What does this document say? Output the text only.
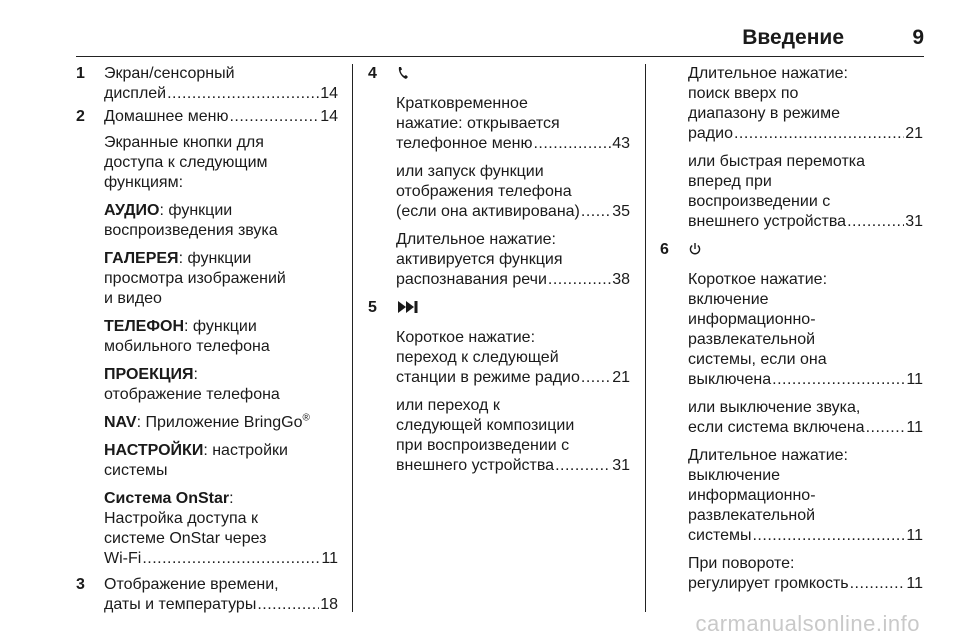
Введение	9
1	Экран/сенсорный
дисплей .....	14
2	Домашнее меню .....	14
Экранные кнопки для
доступа к следующим
функциям:
АУДИО: функции
воспроизведения звука
ГАЛЕРЕЯ: функции
просмотра изображений
и видео
ТЕЛЕФОН: функции
мобильного телефона
ПРОЕКЦИЯ:
отображение телефона
NAV: Приложение BringGo®
НАСТРОЙКИ: настройки
системы
Система OnStar:
Настройка доступа к
системе OnStar через
Wi-Fi .....	11
3	Отображение времени,
даты и температуры .....	18
4
Кратковременное
нажатие: открывается
телефонное меню .....	43
или запуск функции
отображения телефона
(если она активирована) ..... 35
Длительное нажатие:
активируется функция
распознавания речи .....	38
5
Короткое нажатие:
переход к следующей
станции в режиме радио ..... 21
или переход к
следующей композиции
при воспроизведении с
внешнего устройства .....	31
Длительное нажатие:
поиск вверх по
диапазону в режиме
радио .....	21
или быстрая перемотка
вперед при
воспроизведении с
внешнего устройства .....	31
6
Короткое нажатие:
включение
информационно-
развлекательной
системы, если она
выключена .....	11
или выключение звука,
если система включена .....	11
Длительное нажатие:
выключение
информационно-
развлекательной
системы .....	11
При повороте:
регулирует громкость .....	11
carmanualsonline.info
